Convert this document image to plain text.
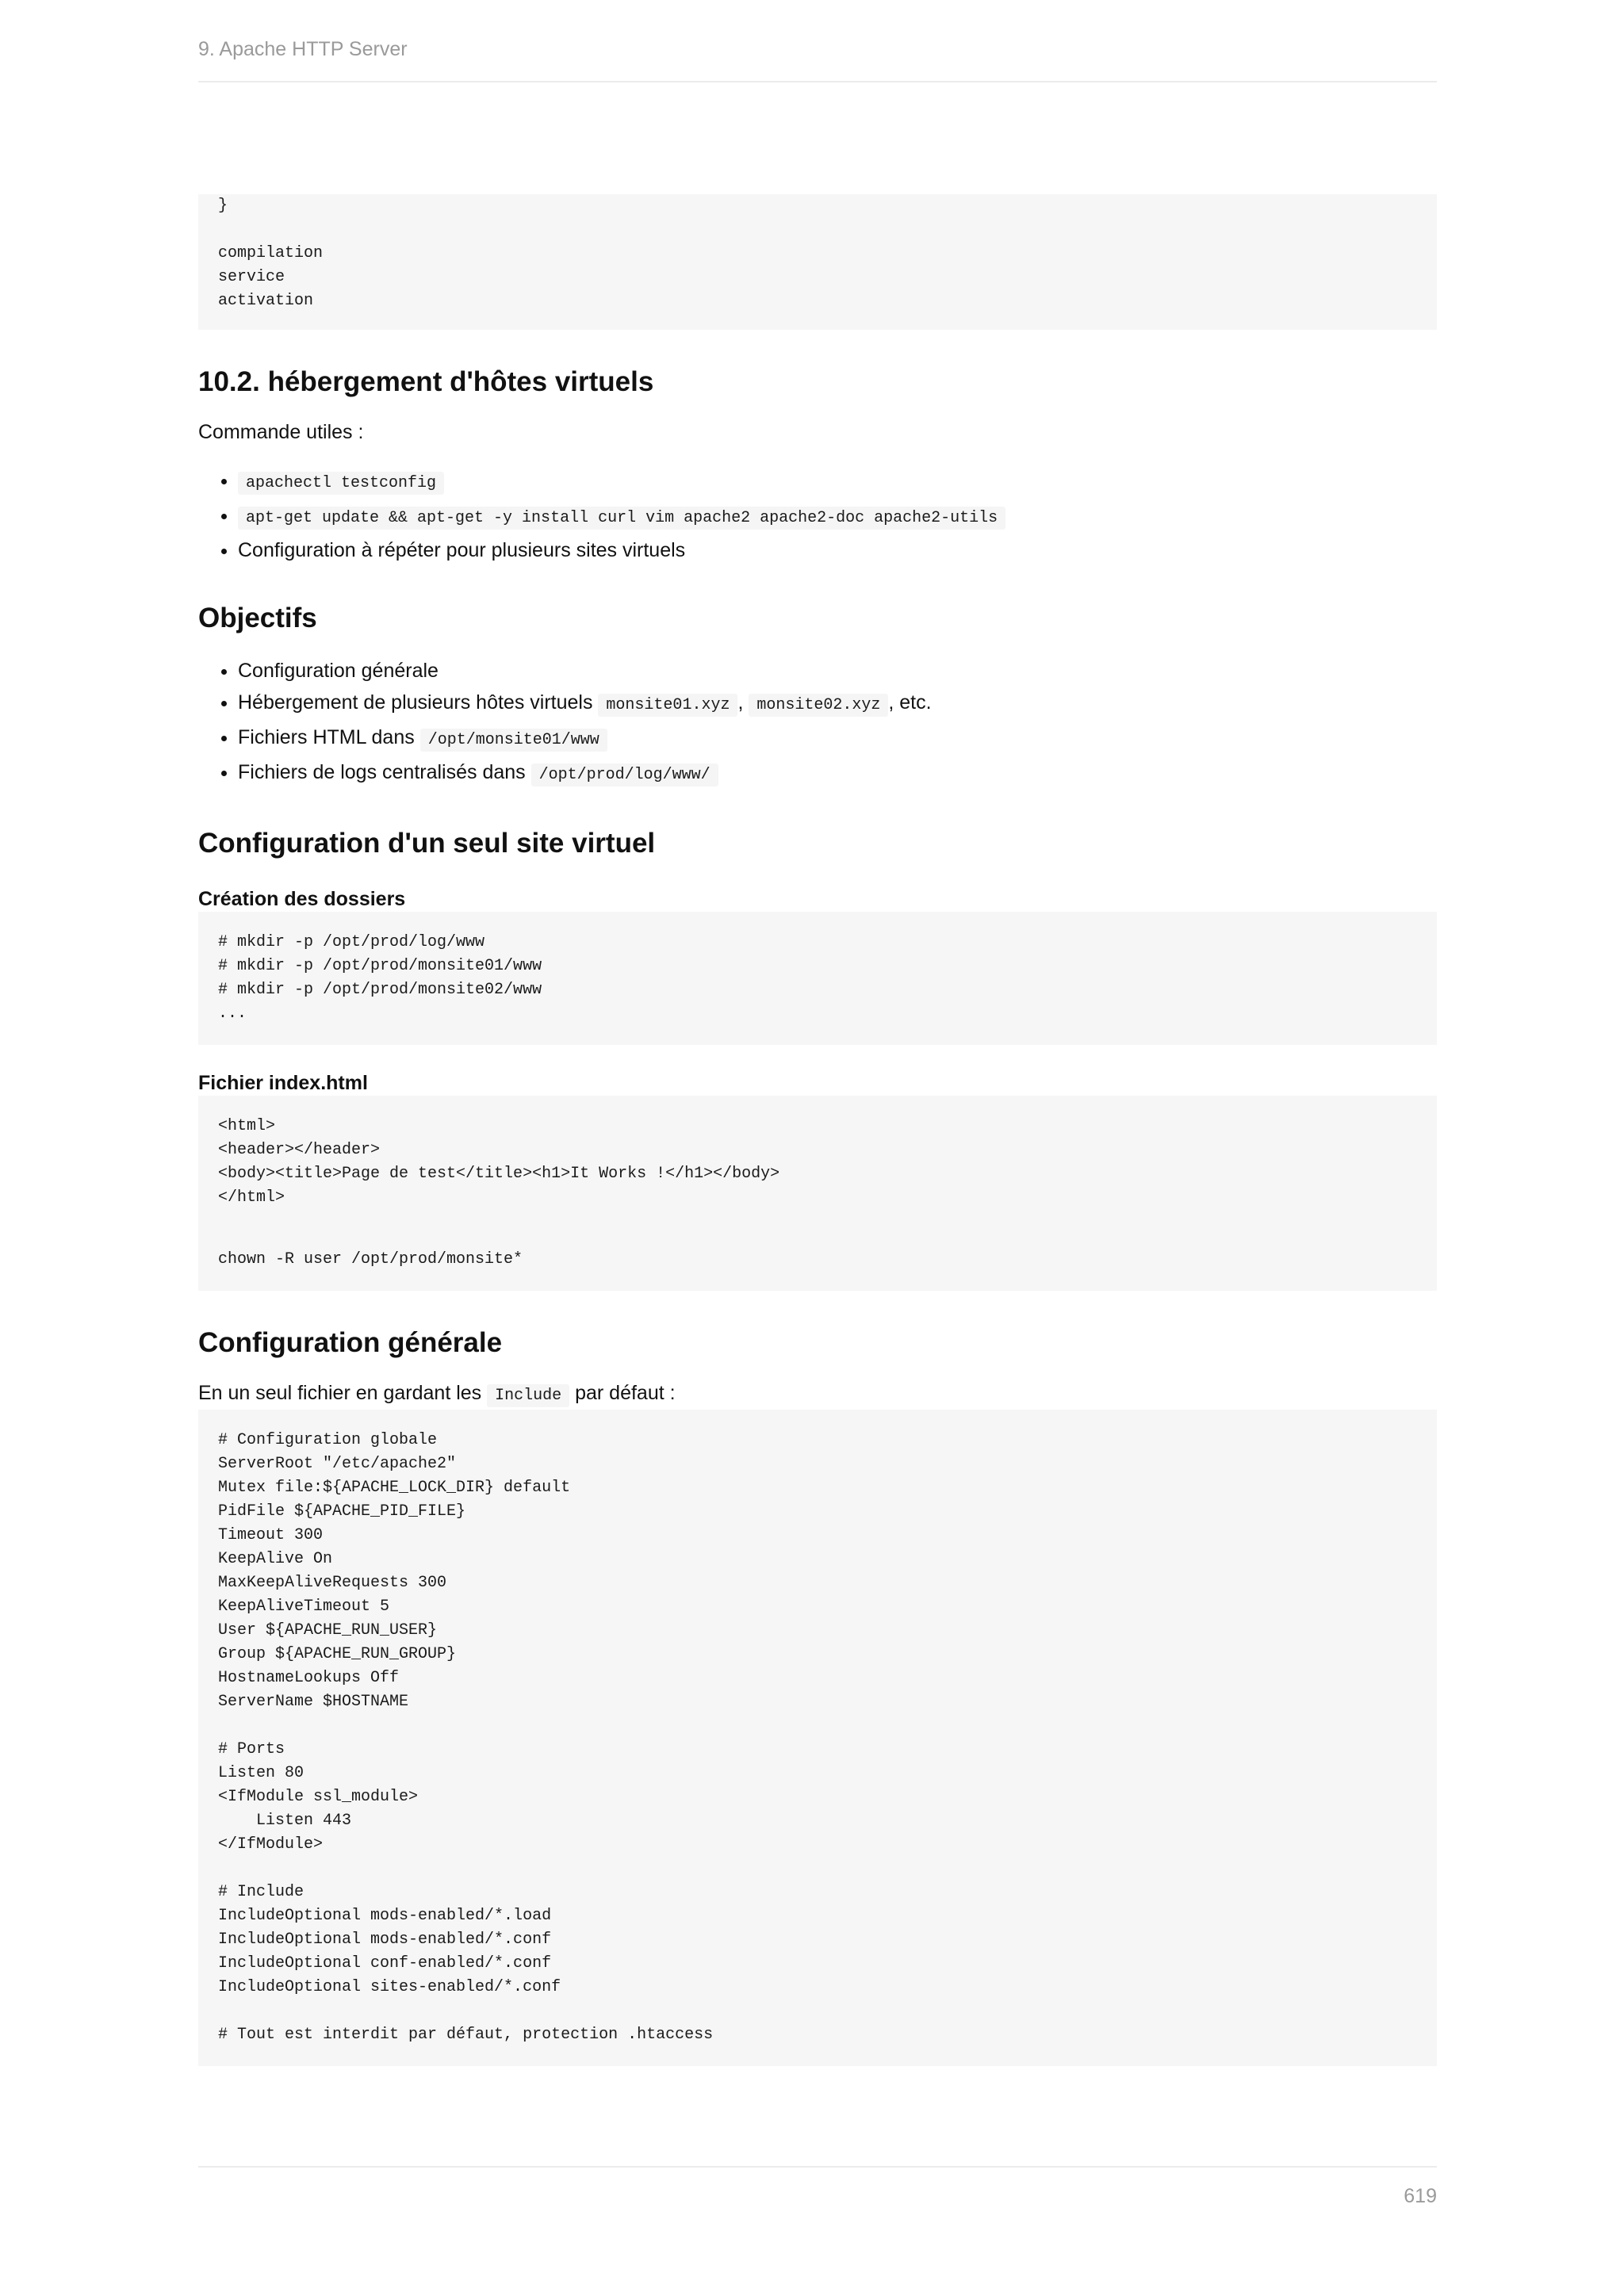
9. Apache HTTP Server
}

compilation
service
activation
10.2. hébergement d'hôtes virtuels

Commande utiles :

• apachectl testconfig
• apt-get update && apt-get -y install curl vim apache2 apache2-doc apache2-utils
• Configuration à répéter pour plusieurs sites virtuels
Objectifs
• Configuration générale
• Hébergement de plusieurs hôtes virtuels monsite01.xyz , monsite02.xyz , etc.
• Fichiers HTML dans /opt/monsite01/www
• Fichiers de logs centralisés dans /opt/prod/log/www/
Configuration d'un seul site virtuel
Création des dossiers
# mkdir -p /opt/prod/log/www
# mkdir -p /opt/prod/monsite01/www
# mkdir -p /opt/prod/monsite02/www
...
Fichier index.html
<html>
<header></header>
<body><title>Page de test</title><h1>It Works !</h1></body>
</html>
chown -R user /opt/prod/monsite*
Configuration générale

En un seul fichier en gardant les Include par défaut :

# Configuration globale
ServerRoot "/etc/apache2"
Mutex file:${APACHE_LOCK_DIR} default
PidFile ${APACHE_PID_FILE}
Timeout 300
KeepAlive On
MaxKeepAliveRequests 300
KeepAliveTimeout 5
User ${APACHE_RUN_USER}
Group ${APACHE_RUN_GROUP}
HostnameLookups Off
ServerName $HOSTNAME

# Ports
Listen 80
<IfModule ssl_module>
Listen 443
</IfModule>

# Include
IncludeOptional mods-enabled/*.load
IncludeOptional mods-enabled/*.conf
IncludeOptional conf-enabled/*.conf
IncludeOptional sites-enabled/*.conf

# Tout est interdit par défaut, protection .htaccess

619
